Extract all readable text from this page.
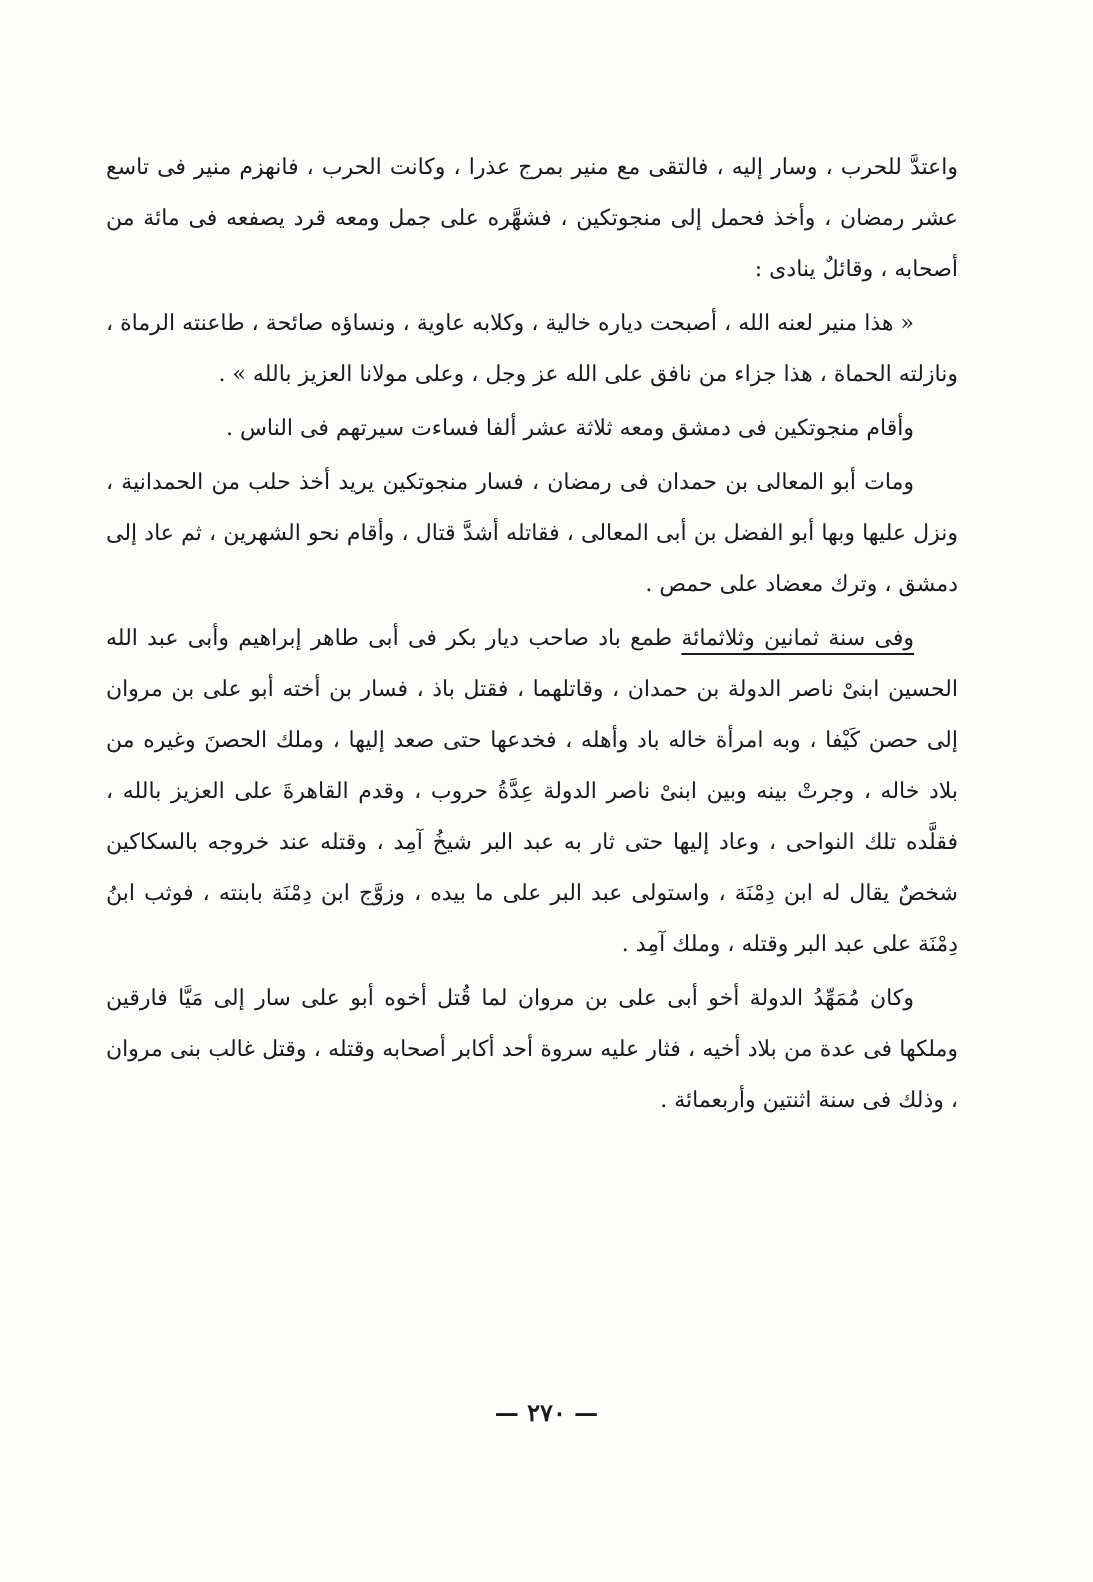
واعتدَّ للحرب ، وسار إليه ، فالتقى مع منير بمرج عذرا ، وكانت الحرب ، فانهزم منير فى تاسع عشر رمضان ، وأخذ فحمل إلى منجوتكين ، فشهَّره على جمل ومعه قرد يصفعه فى مائة من أصحابه ، وقائلٌ ينادى :

« هذا منير لعنه الله ، أصبحت دياره خالية ، وكلابه عاوية ، ونساؤه صائحة ، طاعنته الرماة ، ونازلته الحماة ، هذا جزاء من نافق على الله عز وجل ، وعلى مولانا العزيز بالله » .

وأقام منجوتكين فى دمشق ومعه ثلاثة عشر ألفا فساءت سيرتهم فى الناس .

ومات أبو المعالى بن حمدان فى رمضان ، فسار منجوتكين يريد أخذ حلب من الحمدانية ، ونزل عليها وبها أبو الفضل بن أبى المعالى ، فقاتله أشدَّ قتال ، وأقام نحو الشهرين ، ثم عاد إلى دمشق ، وترك معضاد على حمص .

وفى سنة ثمانين وثلاثمائة طمع باد صاحب ديار بكر فى أبى طاهر إبراهيم وأبى عبد الله الحسين ابنىْ ناصر الدولة بن حمدان ، وقاتلهما ، فقتل باذ ، فسار بن أخته أبو على بن مروان إلى حصن كَيْفا ، وبه امرأة خاله باد وأهله ، فخدعها حتى صعد إليها ، وملك الحصنَ وغيره من بلاد خاله ، وجرتْ بينه وبين ابنىْ ناصر الدولة عِدَّةُ حروب ، وقدم القاهرةَ على العزيز بالله ، فقلَّده تلك النواحى ، وعاد إليها حتى ثار به عبد البر شيخُ آمِد ، وقتله عند خروجه بالسكاكين شخصٌ يقال له ابن دِمْنَة ، واستولى عبد البر على ما بيده ، وزوَّج ابن دِمْنَة بابنته ، فوثب ابنُ دِمْنَة على عبد البر وقتله ، وملك آمِد .

وكان مُمَهِّدُ الدولة أخو أبى على بن مروان لما قُتل أخوه أبو على سار إلى مَيَّا فارقين وملكها فى عدة من بلاد أخيه ، فثار عليه سروة أحد أكابر أصحابه وقتله ، وقتل غالب بنى مروان ، وذلك فى سنة اثنتين وأربعمائة .

— ٢٧٠ —
